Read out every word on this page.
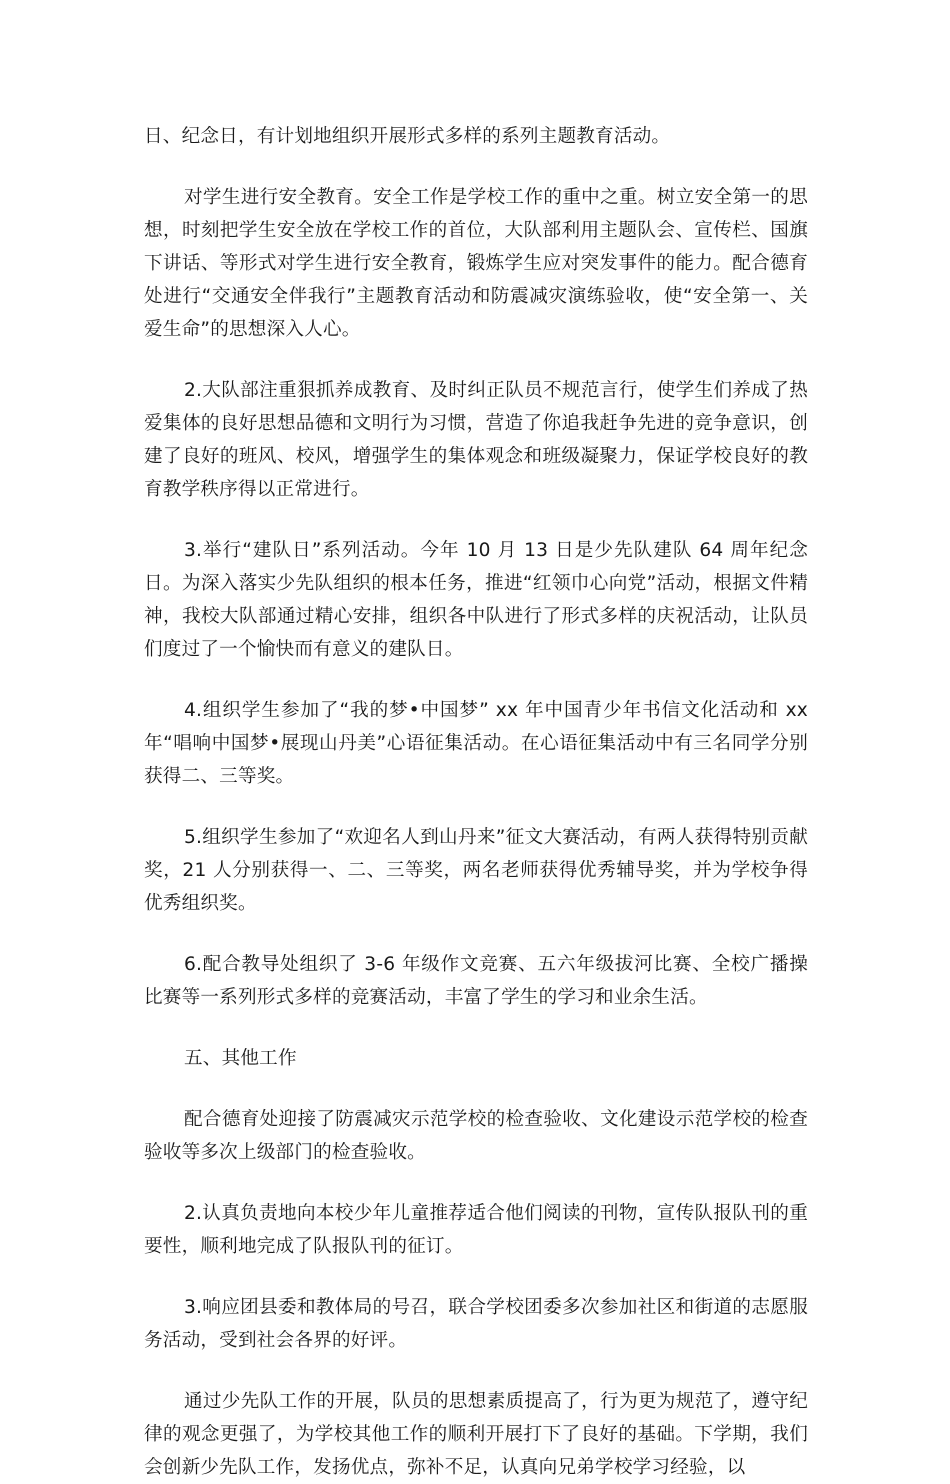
日、纪念日，有计划地组织开展形式多样的系列主题教育活动。

对学生进行安全教育。安全工作是学校工作的重中之重。树立安全第一的思想，时刻把学生安全放在学校工作的首位，大队部利用主题队会、宣传栏、国旗下讲话、等形式对学生进行安全教育，锻炼学生应对突发事件的能力。配合德育处进行“交通安全伴我行”主题教育活动和防震减灾演练验收，使“安全第一、关爱生命”的思想深入人心。

2.大队部注重狠抓养成教育、及时纠正队员不规范言行，使学生们养成了热爱集体的良好思想品德和文明行为习惯，营造了你追我赶争先进的竞争意识，创建了良好的班风、校风，增强学生的集体观念和班级凝聚力，保证学校良好的教育教学秩序得以正常进行。

3.举行“建队日”系列活动。今年 10 月 13 日是少先队建队 64 周年纪念日。为深入落实少先队组织的根本任务，推进“红领巾心向党”活动，根据文件精神，我校大队部通过精心安排，组织各中队进行了形式多样的庆祝活动，让队员们度过了一个愉快而有意义的建队日。

4.组织学生参加了“我的梦•中国梦” xx 年中国青少年书信文化活动和 xx 年“唱响中国梦•展现山丹美”心语征集活动。在心语征集活动中有三名同学分别获得二、三等奖。

5.组织学生参加了“欢迎名人到山丹来”征文大赛活动，有两人获得特别贡献奖，21 人分别获得一、二、三等奖，两名老师获得优秀辅导奖，并为学校争得优秀组织奖。

6.配合教导处组织了 3-6 年级作文竞赛、五六年级拔河比赛、全校广播操比赛等一系列形式多样的竞赛活动，丰富了学生的学习和业余生活。

五、其他工作

配合德育处迎接了防震减灾示范学校的检查验收、文化建设示范学校的检查验收等多次上级部门的检查验收。

2.认真负责地向本校少年儿童推荐适合他们阅读的刊物，宣传队报队刊的重要性，顺利地完成了队报队刊的征订。

3.响应团县委和教体局的号召，联合学校团委多次参加社区和街道的志愿服务活动，受到社会各界的好评。

通过少先队工作的开展，队员的思想素质提高了，行为更为规范了，遵守纪律的观念更强了，为学校其他工作的顺利开展打下了良好的基础。下学期，我们会创新少先队工作，发扬优点，弥补不足，认真向兄弟学校学习经验，以
